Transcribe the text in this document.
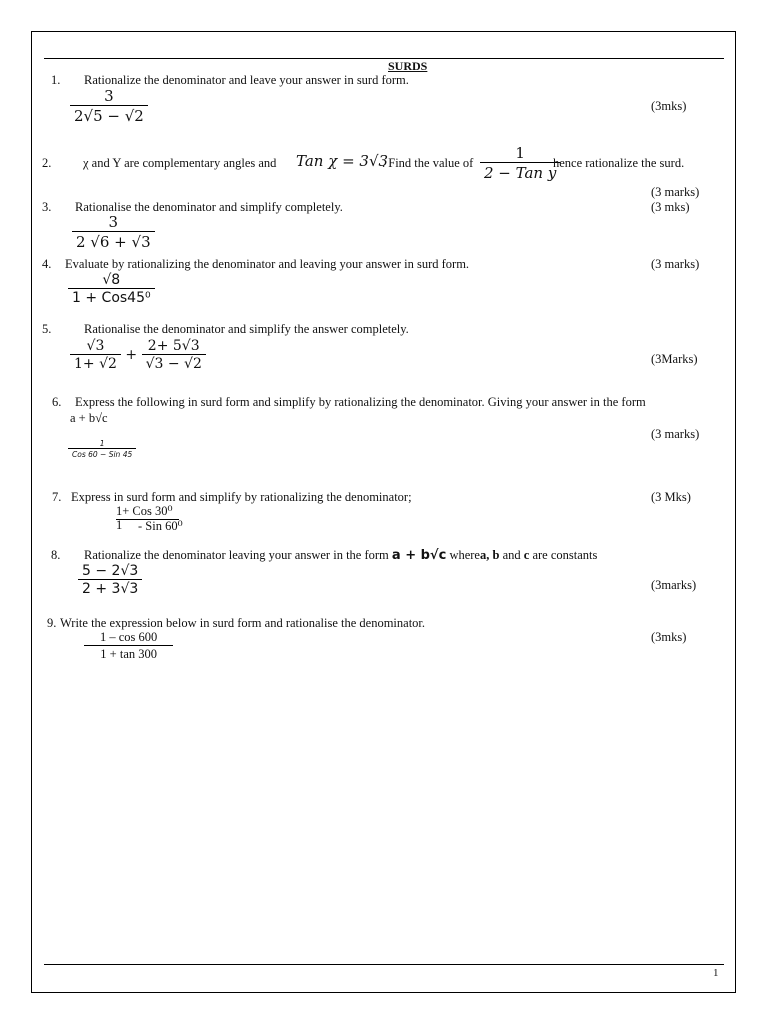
SURDS
1. Rationalize the denominator and leave your answer in surd form.
$\frac{3}{2√5 - √2}$	(3mks)
2.	χ and Y are complementary angles and Tan χ = 3√3
. Find the value of $\frac{1}{\text{2 − Tan y}}$
hence rationalize the surd.
(3 marks)
3. Rationalise the denominator and simplify completely.
$\frac{3}{2 √6 + √3}$
(3 mks)
4. Evaluate by rationalizing the denominator and leaving your answer in surd form.
$\frac{√8}{\text{1 + Cos45⁰}}$
(3 marks)
5.	Rationalise the denominator and simplify the answer completely.
$\frac{√3}{1+ √2} + \frac{2+ 5√3}{√3 - √2}$	(3Marks)
6. Express the following in surd form and simplify by rationalizing the denominator. Giving your answer in the form
a + b√c
$\frac{1}{\text{Cos 60 − Sin 45}}$
(3 marks)
7. Express in surd form and simplify by rationalizing the denominator;
1+ Cos 30⁰
1 - Sin 60⁰
(3 Mks)
8. Rationalize the denominator leaving your answer in the form a + b√c wherea, b and c are constants
$\frac{5 - 2√3}{2 + 3√3}$	(3marks)
9. Write the expression below in surd form and rationalise the denominator.
$\frac{1 - \cos 600}{1 + \tan 300}$	(3mks)
1
